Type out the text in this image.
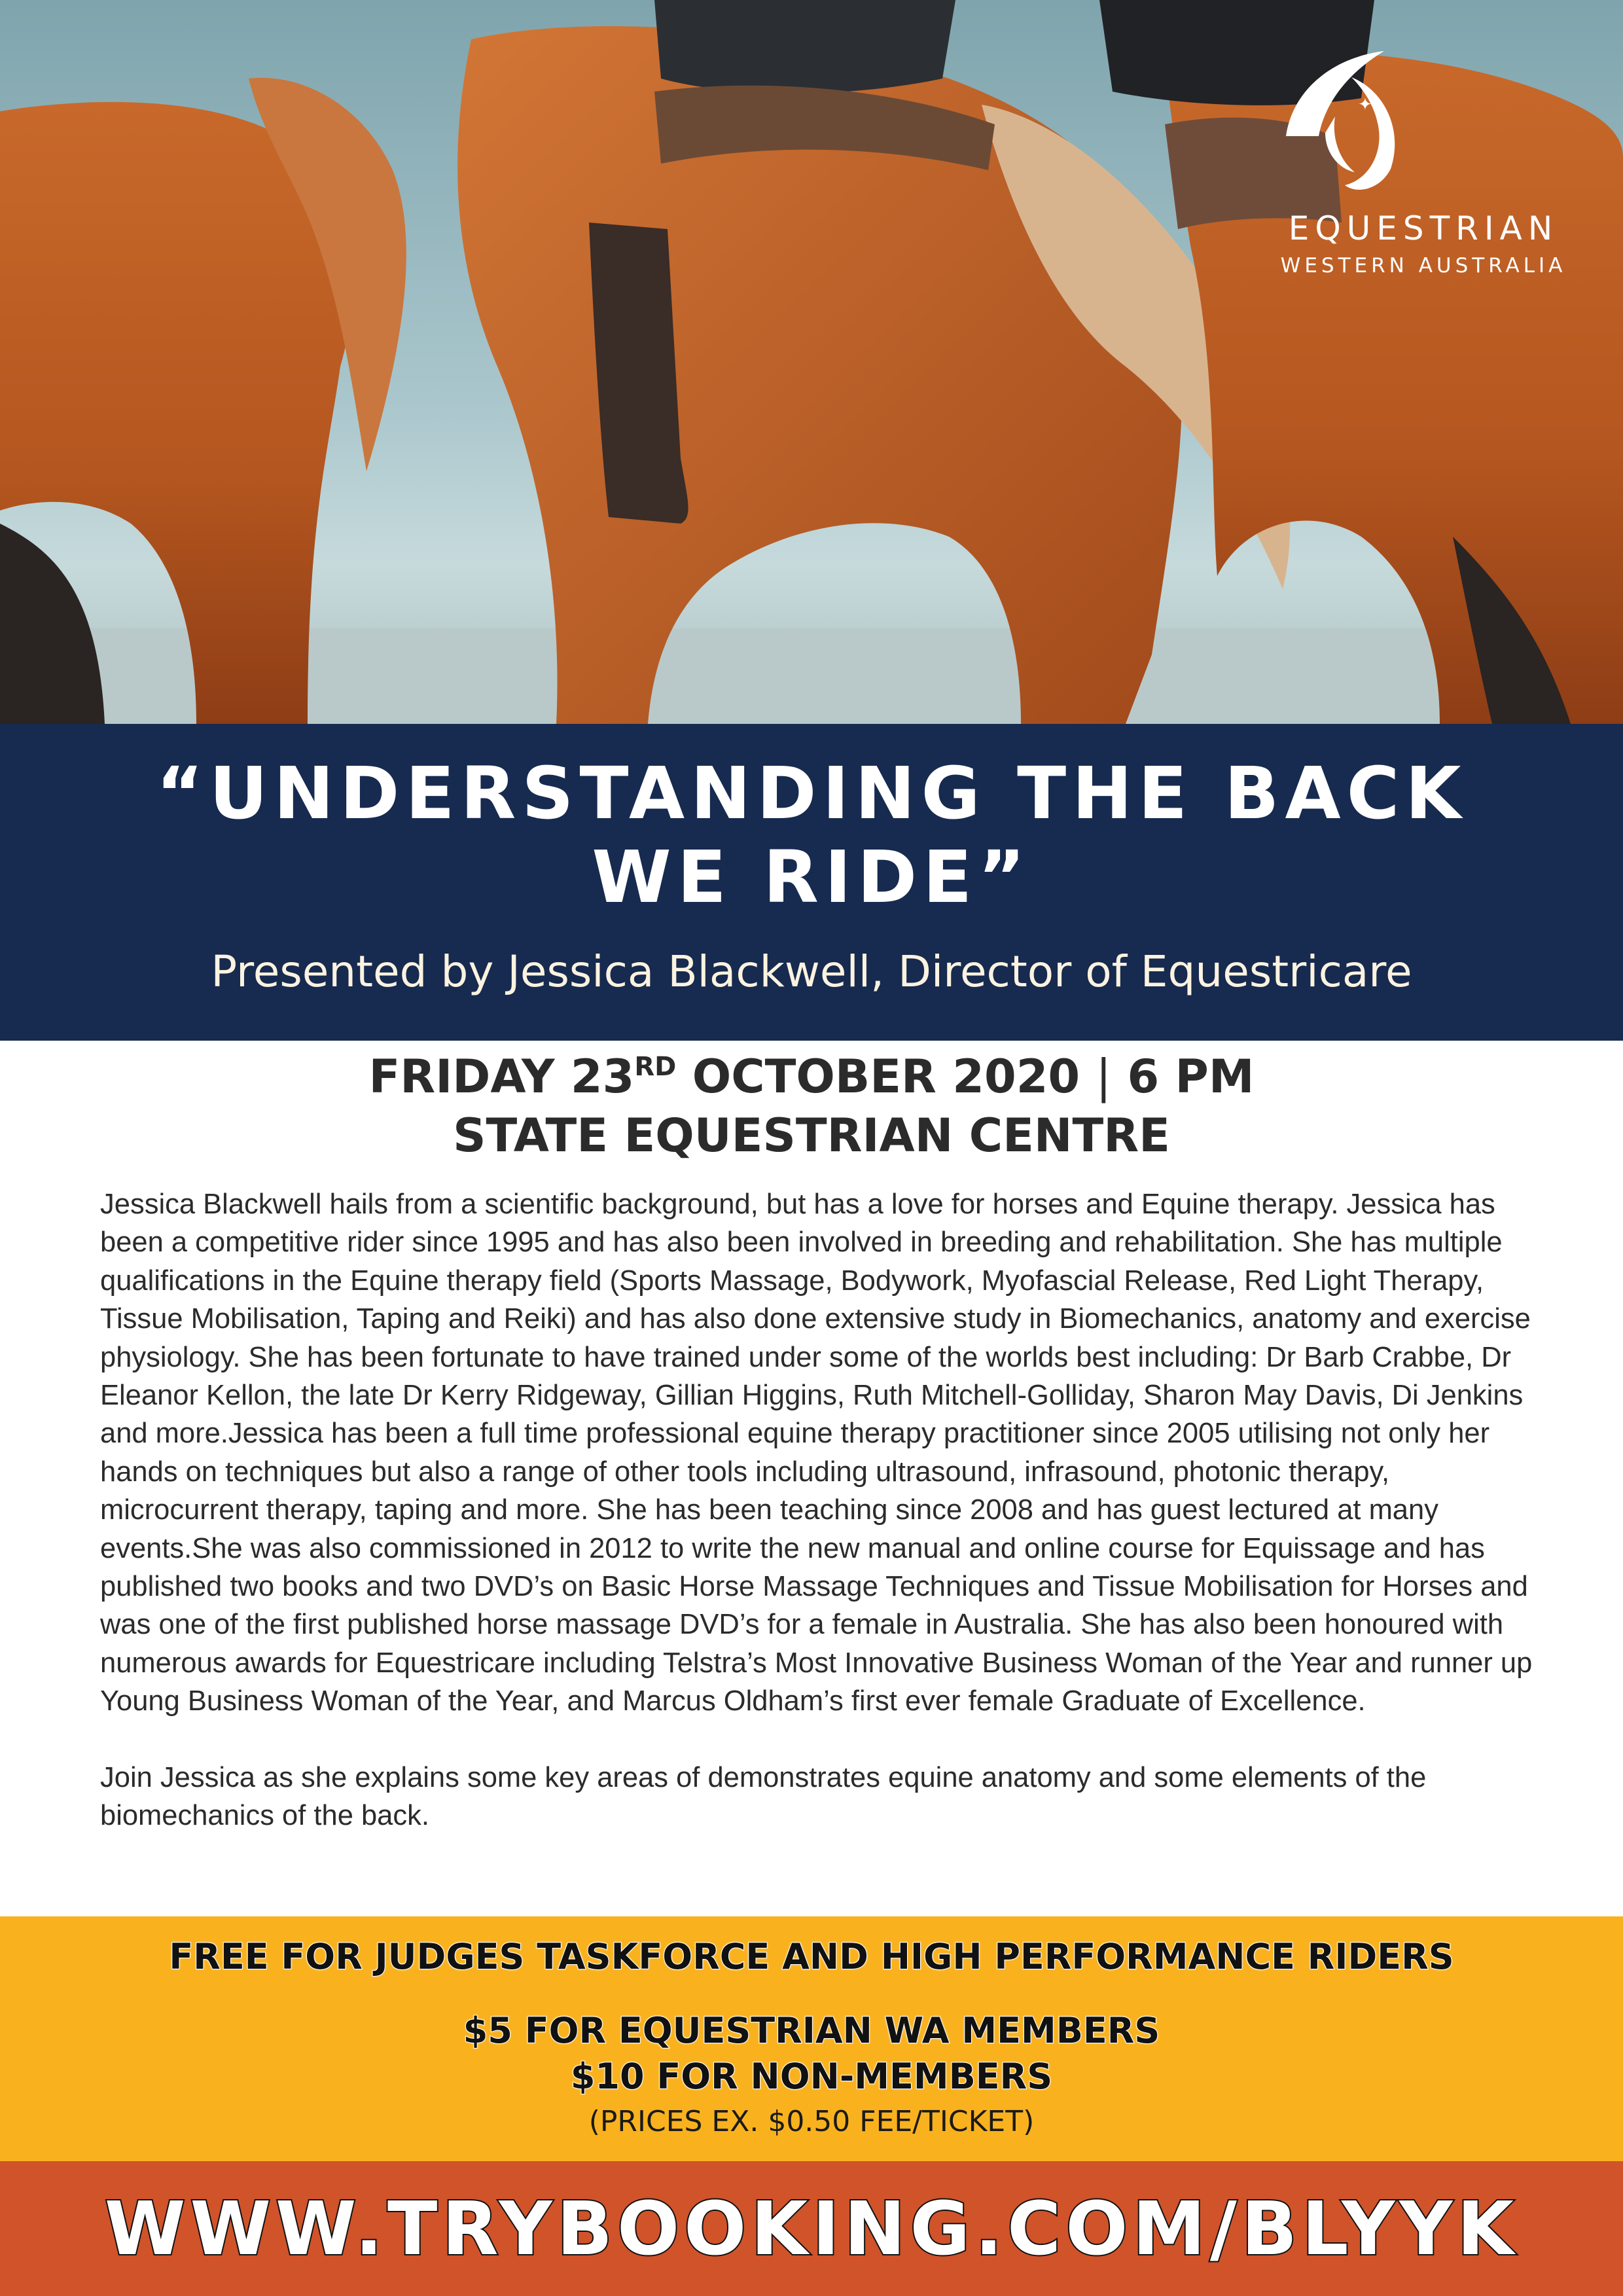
✦
EQUESTRIAN
WESTERN AUSTRALIA
“UNDERSTANDING THE BACK
WE RIDE”
Presented by Jessica Blackwell, Director of Equestricare
FRIDAY 23RD OCTOBER 2020 | 6 PM
STATE EQUESTRIAN CENTRE

Jessica Blackwell hails from a scientific background, but has a love for horses and Equine therapy. Jessica has been a competitive rider since 1995 and has also been involved in breeding and rehabilitation. She has multiple qualifications in the Equine therapy field (Sports Massage, Bodywork, Myofascial Release, Red Light Therapy, Tissue Mobilisation, Taping and Reiki) and has also done extensive study in Biomechanics, anatomy and exercise physiology. She has been fortunate to have trained under some of the worlds best including: Dr Barb Crabbe, Dr Eleanor Kellon, the late Dr Kerry Ridgeway, Gillian Higgins, Ruth Mitchell-Golliday, Sharon May Davis, Di Jenkins and more.Jessica has been a full time professional equine therapy practitioner since 2005 utilising not only her hands on techniques but also a range of other tools including ultrasound, infrasound, photonic therapy, microcurrent therapy, taping and more. She has been teaching since 2008 and has guest lectured at many events.She was also commissioned in 2012 to write the new manual and online course for Equissage and has published two books and two DVD’s on Basic Horse Massage Techniques and Tissue Mobilisation for Horses and was one of the first published horse massage DVD’s for a female in Australia. She has also been honoured with numerous awards for Equestricare including Telstra’s Most Innovative Business Woman of the Year and runner up Young Business Woman of the Year, and Marcus Oldham’s first ever female Graduate of Excellence.

Join Jessica as she explains some key areas of demonstrates equine anatomy and some elements of the biomechanics of the back.

FREE FOR JUDGES TASKFORCE AND HIGH PERFORMANCE RIDERS
$5 FOR EQUESTRIAN WA MEMBERS
$10 FOR NON-MEMBERS
(PRICES EX. $0.50 FEE/TICKET)
WWW.TRYBOOKING.COM/BLYYK
